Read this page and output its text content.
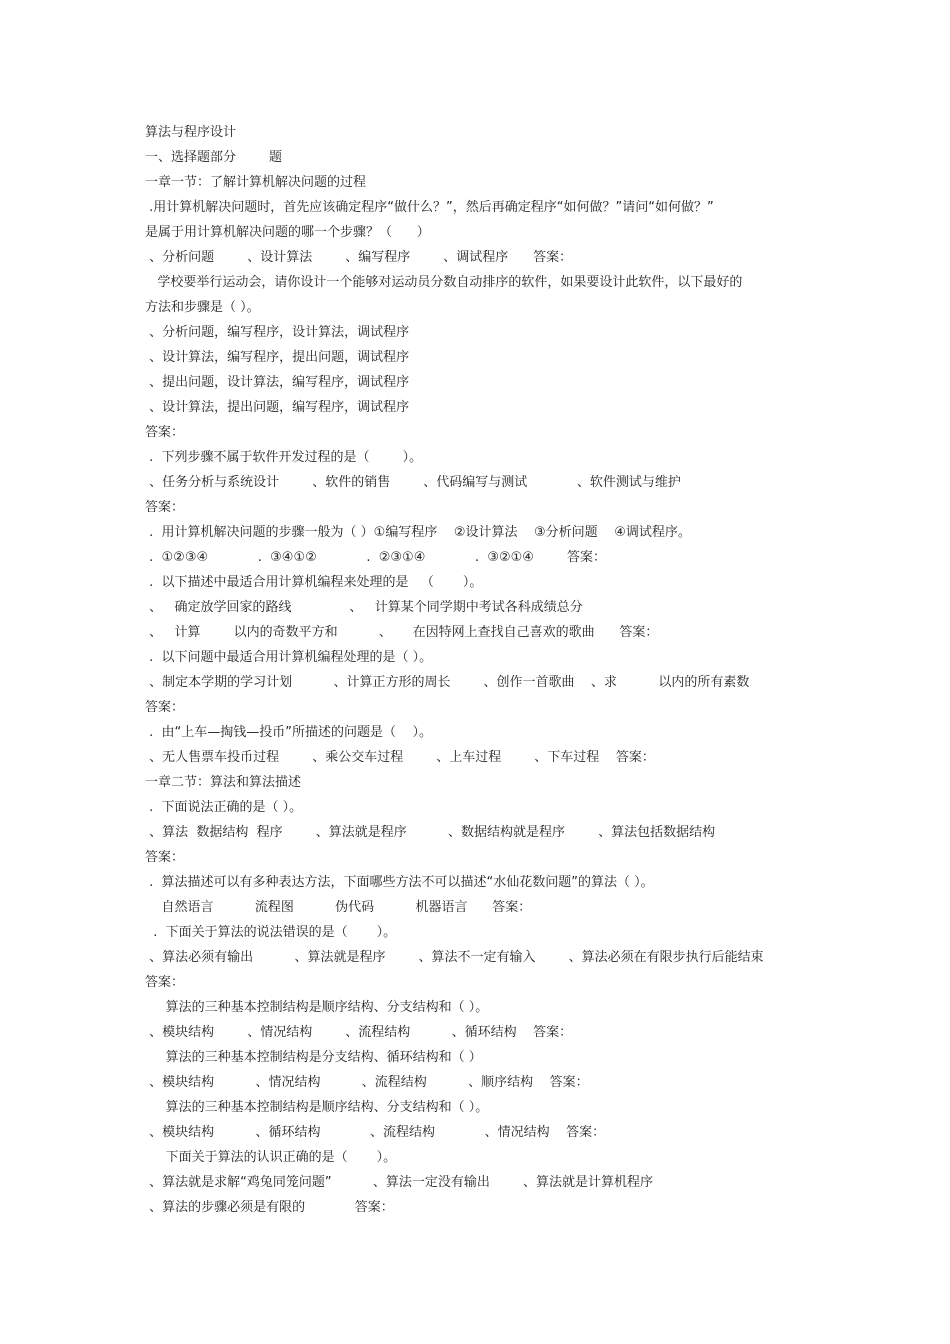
算法与程序设计
一、选择题部分        题
一章一节：了解计算机解决问题的过程
.用计算机解决问题时，首先应该确定程序“做什么？”，然后再确定程序“如何做？”请问“如何做？”
是属于用计算机解决问题的哪一个步骤？（      ）
、分析问题        、设计算法        、编写程序        、调试程序      答案：
学校要举行运动会，请你设计一个能够对运动员分数自动排序的软件，如果要设计此软件，以下最好的
方法和步骤是（ ）。
、分析问题，编写程序，设计算法，调试程序
、设计算法，编写程序，提出问题，调试程序
、提出问题，设计算法，编写程序，调试程序
、设计算法，提出问题，编写程序，调试程序
答案：
.  下列步骤不属于软件开发过程的是（        ）。
、任务分析与系统设计        、软件的销售        、代码编写与测试            、软件测试与维护
答案：
.  用计算机解决问题的步骤一般为（ ）①编写程序    ②设计算法    ③分析问题    ④调试程序。
.  ①②③④            .  ③④①②            .  ②③①④            .  ③②①④        答案：
.  以下描述中最适合用计算机编程来处理的是   （       ）。
、   确定放学回家的路线              、   计算某个同学期中考试各科成绩总分
、   计算        以内的奇数平方和          、     在因特网上查找自己喜欢的歌曲      答案：
.  以下问题中最适合用计算机编程处理的是（ ）。
、制定本学期的学习计划          、计算正方形的周长        、创作一首歌曲    、求          以内的所有素数
答案：
.  由“上车—掏钱—投币”所描述的问题是（    ）。
、无人售票车投币过程        、乘公交车过程        、上车过程        、下车过程    答案：
一章二节：算法和算法描述
.  下面说法正确的是（ ）。
、算法  数据结构  程序        、算法就是程序          、数据结构就是程序        、算法包括数据结构
答案：
.  算法描述可以有多种表达方法，下面哪些方法不可以描述“水仙花数问题”的算法（ ）。
自然语言          流程图          伪代码          机器语言      答案：
.  下面关于算法的说法错误的是（       ）。
、算法必须有输出          、算法就是程序        、算法不一定有输入        、算法必须在有限步执行后能结束
答案：
算法的三种基本控制结构是顺序结构、分支结构和（ ）。
、模块结构        、情况结构        、流程结构          、循环结构    答案：
算法的三种基本控制结构是分支结构、循环结构和（ ）
、模块结构          、情况结构          、流程结构          、顺序结构    答案：
算法的三种基本控制结构是顺序结构、分支结构和（ ）。
、模块结构          、循环结构            、流程结构            、情况结构    答案：
下面关于算法的认识正确的是（       ）。
、算法就是求解“鸡兔同笼问题”          、算法一定没有输出        、算法就是计算机程序
、算法的步骤必须是有限的            答案：
